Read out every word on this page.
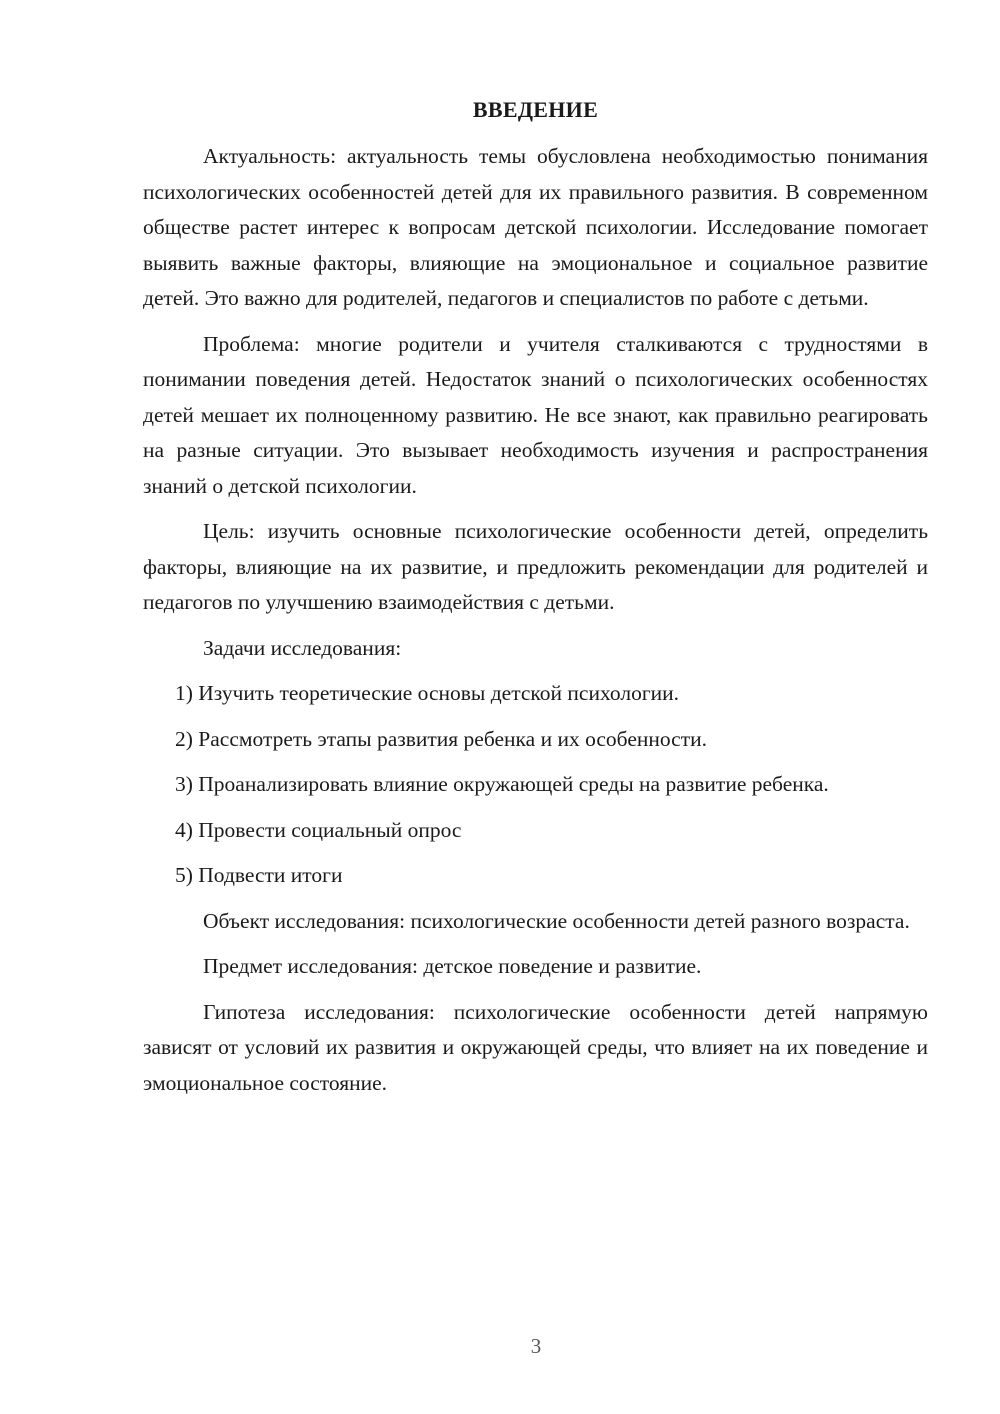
ВВЕДЕНИЕ

Актуальность: актуальность темы обусловлена необходимостью понимания психологических особенностей детей для их правильного развития. В современном обществе растет интерес к вопросам детской психологии. Исследование помогает выявить важные факторы, влияющие на эмоциональное и социальное развитие детей. Это важно для родителей, педагогов и специалистов по работе с детьми.

Проблема: многие родители и учителя сталкиваются с трудностями в понимании поведения детей. Недостаток знаний о психологических особенностях детей мешает их полноценному развитию. Не все знают, как правильно реагировать на разные ситуации. Это вызывает необходимость изучения и распространения знаний о детской психологии.

Цель: изучить основные психологические особенности детей, определить факторы, влияющие на их развитие, и предложить рекомендации для родителей и педагогов по улучшению взаимодействия с детьми.

Задачи исследования:

1) Изучить теоретические основы детской психологии.

2) Рассмотреть этапы развития ребенка и их особенности.

3) Проанализировать влияние окружающей среды на развитие ребенка.

4) Провести социальный опрос

5) Подвести итоги

Объект исследования: психологические особенности детей разного возраста.

Предмет исследования: детское поведение и развитие.

Гипотеза исследования: психологические особенности детей напрямую зависят от условий их развития и окружающей среды, что влияет на их поведение и эмоциональное состояние.

3
